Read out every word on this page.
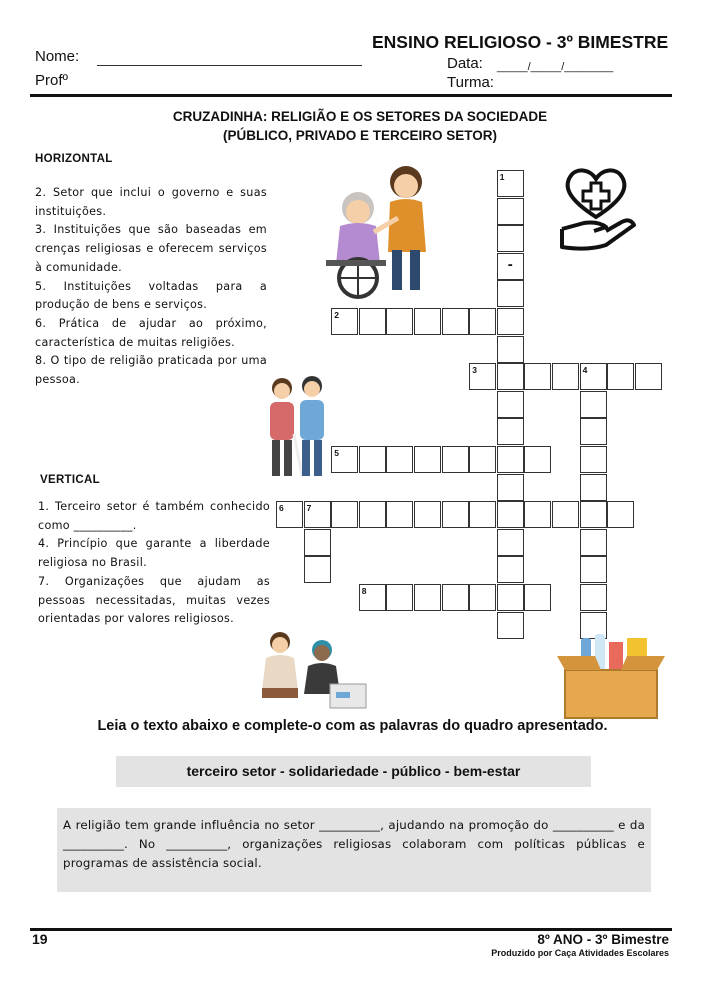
ENSINO RELIGIOSO - 3º BIMESTRE
Nome:	Data: _____/_____/________
Profº	Turma:
CRUZADINHA: RELIGIÃO E OS SETORES DA SOCIEDADE
(PÚBLICO, PRIVADO E TERCEIRO SETOR)
HORIZONTAL

2. Setor que inclui o governo e suas instituições.

3. Instituições que são baseadas em crenças religiosas e oferecem serviços à comunidade.

5. Instituições voltadas para a produção de bens e serviços.

6. Prática de ajudar ao próximo, característica de muitas religiões.

8. O tipo de religião praticada por uma pessoa.

VERTICAL

1. Terceiro setor é também conhecido como __________.

4. Princípio que garante a liberdade religiosa no Brasil.

7. Organizações que ajudam as pessoas necessitadas, muitas vezes orientadas por valores religiosos.

1
-
2
3	4
5
6	7
8
Leia o texto abaixo e complete-o com as palavras do quadro apresentado.
terceiro setor - solidariedade - público - bem-estar

A religião tem grande influência no setor __________, ajudando na promoção do __________ e da __________. No __________, organizações religiosas colaboram com políticas públicas e programas de assistência social.

19	8º ANO - 3º Bimestre
Produzido por Caça Atividades Escolares
